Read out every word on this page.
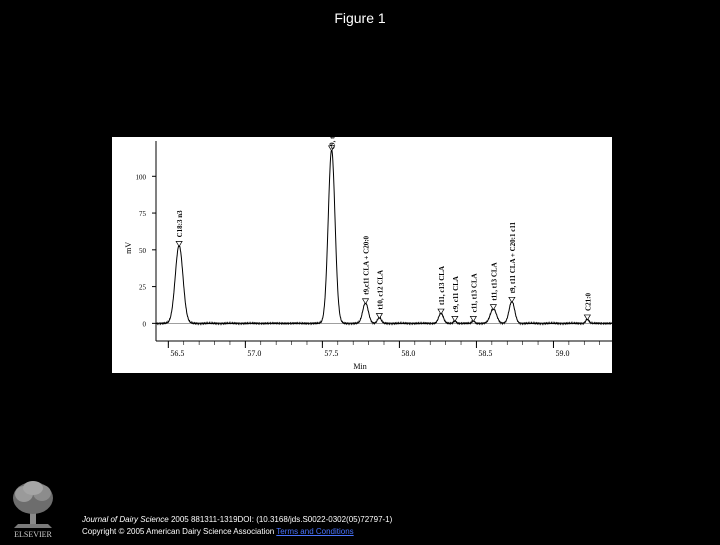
Figure 1
56.5	57.0	57.5	58.0	58.5	59.0
0
25
50
75
100
mV
Min
C18:3 n3
c9, t11 + t8,c10 CLA
t9,c11 CLA + C20:0 t10, c12 CLA	t11, c13 CLA c9, c11 CLA c11, t13 CLA t11, t13 CLA t9, t11 CLA + C20:1 c11
C21:0
ELSEVIER
Journal of Dairy Science 2005 881311-1319DOI: (10.3168/jds.S0022-0302(05)72797-1)
Copyright © 2005 American Dairy Science Association Terms and Conditions
